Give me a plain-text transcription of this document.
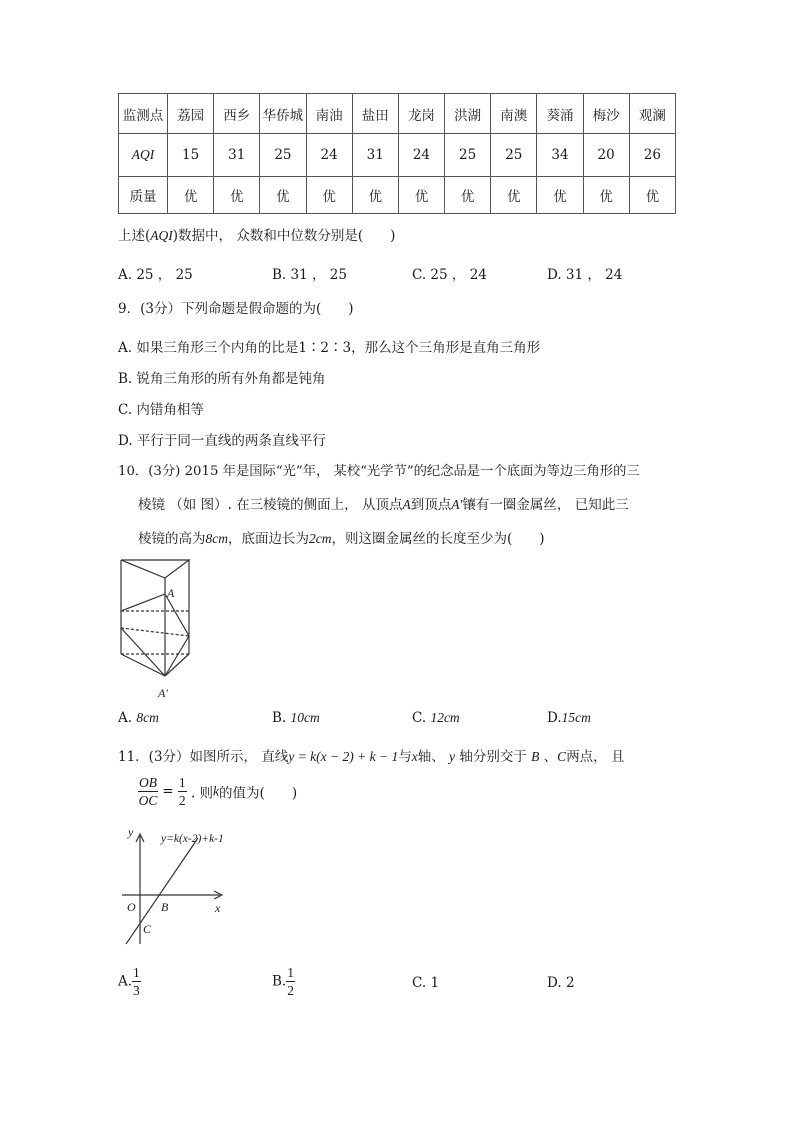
监测点	荔园	西乡	华侨城	南油	盐田	龙岗	洪湖	南澳	葵涌	梅沙	观澜
AQI	15	31	25	24	31	24	25	25	34	20	26
质量	优	优	优	优	优	优	优	优	优	优	优
上述(AQI)数据中， 众数和中位数分别是(　　)
A. 25 ， 25	B. 31 ， 25	C. 25 ， 24	D. 31 ， 24
9．(3分）下列命题是假命题的为(　　)
A. 如果三角形三个内角的比是1∶2∶3，那么这个三角形是直角三角形
B. 锐角三角形的所有外角都是钝角
C. 内错角相等
D. 平行于同一直线的两条直线平行
10．(3分) 2015 年是国际“光”年， 某校“光学节”的纪念品是一个底面为等边三角形的三
棱镜 （如 图）. 在三棱镜的侧面上， 从顶点A到顶点A′镶有一圈金属丝， 已知此三
棱镜的高为8cm，底面边长为2cm，则这圈金属丝的长度至少为(　　)
A
A′
A. 8cm	B. 10cm	C. 12cm	D.15cm
11．(3分）如图所示， 直线y = k(x − 2) + k − 1与x轴、 y 轴分别交于 B 、C两点， 且
$\frac{OB}{OC} = \frac{1}{2}$ . 则k的值为(　　)
y
x
y=k(x-2)+k-1
O B
C
A. $\frac{1}{3}$	B. $\frac{1}{2}$	C. 1	D. 2
